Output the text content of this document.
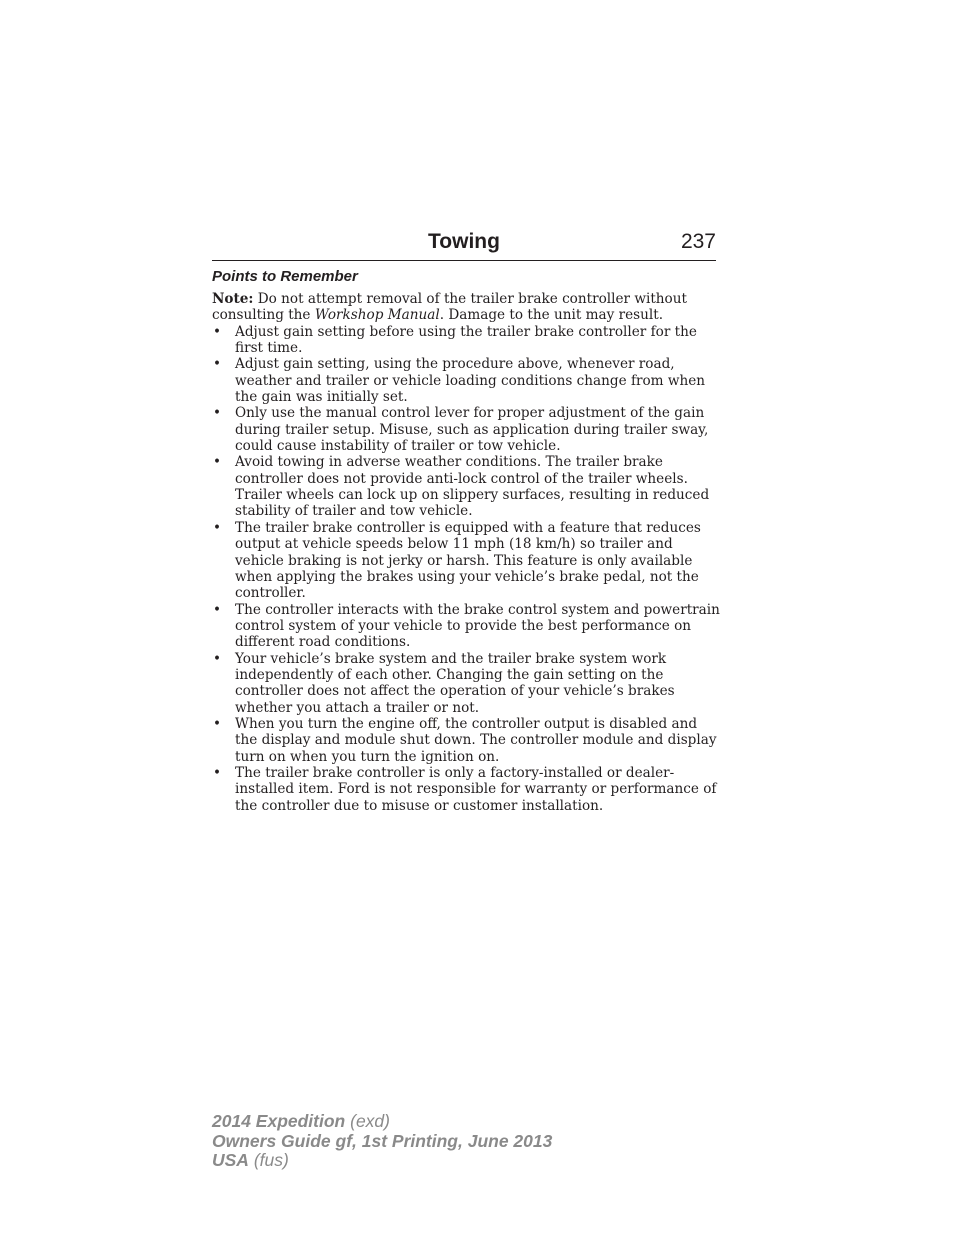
Towing	237
Points to Remember

Note: Do not attempt removal of the trailer brake controller without consulting the Workshop Manual. Damage to the unit may result.

• Adjust gain setting before using the trailer brake controller for the first time.
• Adjust gain setting, using the procedure above, whenever road, weather and trailer or vehicle loading conditions change from when the gain was initially set.
• Only use the manual control lever for proper adjustment of the gain during trailer setup. Misuse, such as application during trailer sway, could cause instability of trailer or tow vehicle.
• Avoid towing in adverse weather conditions. The trailer brake controller does not provide anti-lock control of the trailer wheels. Trailer wheels can lock up on slippery surfaces, resulting in reduced stability of trailer and tow vehicle.
• The trailer brake controller is equipped with a feature that reduces output at vehicle speeds below 11 mph (18 km/h) so trailer and vehicle braking is not jerky or harsh. This feature is only available when applying the brakes using your vehicle’s brake pedal, not the controller.
• The controller interacts with the brake control system and powertrain control system of your vehicle to provide the best performance on different road conditions.
• Your vehicle’s brake system and the trailer brake system work independently of each other. Changing the gain setting on the controller does not affect the operation of your vehicle’s brakes whether you attach a trailer or not.
• When you turn the engine off, the controller output is disabled and the display and module shut down. The controller module and display turn on when you turn the ignition on.
• The trailer brake controller is only a factory-installed or dealer-installed item. Ford is not responsible for warranty or performance of the controller due to misuse or customer installation.
2014 Expedition (exd)
Owners Guide gf, 1st Printing, June 2013
USA (fus)
